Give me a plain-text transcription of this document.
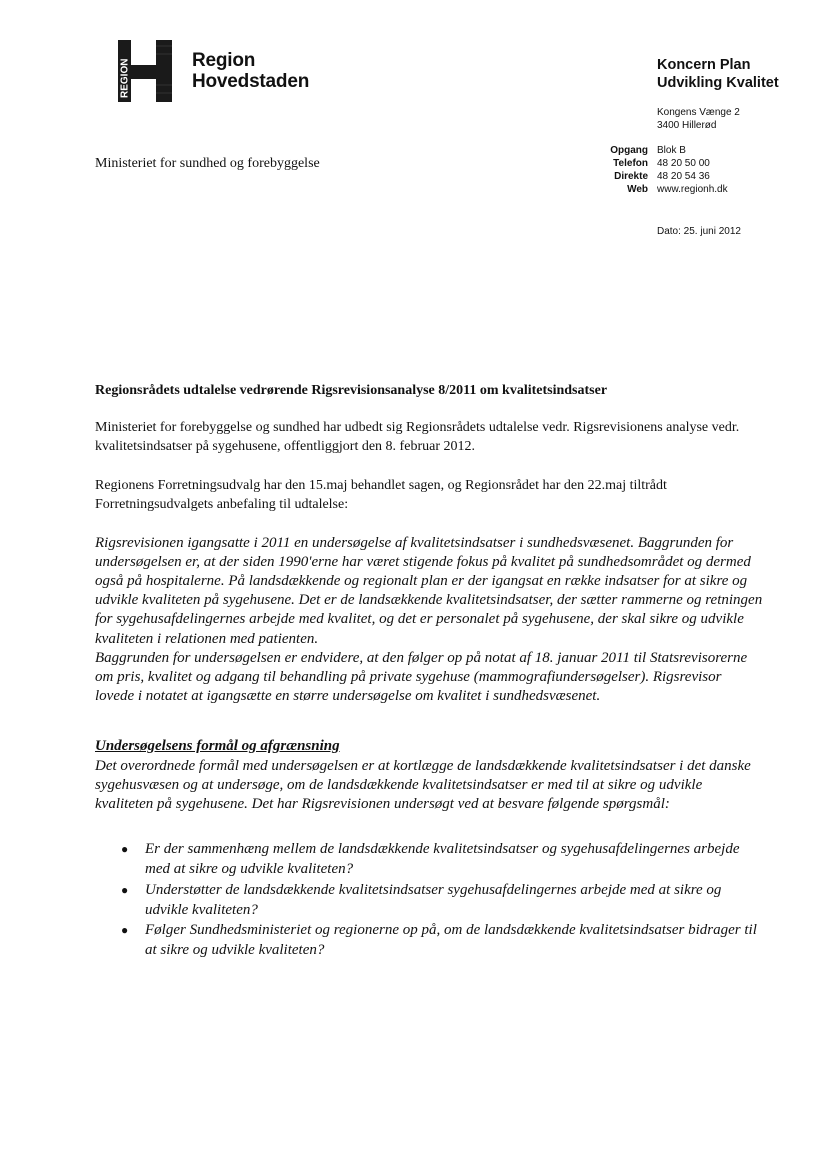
REGION	Region
Hovedstaden
Koncern Plan
Udvikling Kvalitet
Kongens Vænge 2
3400 Hillerød
Opgang Blok B
Telefon 48 20 50 00
Direkte 48 20 54 36
Web www.regionh.dk
Dato: 25. juni 2012
Ministeriet for sundhed og forebyggelse

Regionsrådets udtalelse vedrørende Rigsrevisionsanalyse 8/2011 om kvalitetsindsatser

Ministeriet for forebyggelse og sundhed har udbedt sig Regionsrådets udtalelse vedr. Rigsrevisionens analyse vedr. kvalitetsindsatser på sygehusene, offentliggjort den 8. februar 2012.

Regionens Forretningsudvalg har den 15.maj behandlet sagen, og Regionsrådet har den 22.maj tiltrådt Forretningsudvalgets anbefaling til udtalelse:

Rigsrevisionen igangsatte i 2011 en undersøgelse af kvalitetsindsatser i sundhedsvæsenet. Baggrunden for undersøgelsen er, at der siden 1990'erne har været stigende fokus på kvalitet på sundhedsområdet og dermed også på hospitalerne. På landsdækkende og regionalt plan er der igangsat en række indsatser for at sikre og udvikle kvaliteten på sygehusene. Det er de landsækkende kvalitetsindsatser, der sætter rammerne og retningen for sygehusafdelingernes arbejde med kvalitet, og det er personalet på sygehusene, der skal sikre og udvikle kvaliteten i relationen med patienten.
Baggrunden for undersøgelsen er endvidere, at den følger op på notat af 18. januar 2011 til Statsrevisorerne om pris, kvalitet og adgang til behandling på private sygehuse (mammografiundersøgelser). Rigsrevisor lovede i notatet at igangsætte en større undersøgelse om kvalitet i sundhedsvæsenet.
Undersøgelsens formål og afgrænsning
Det overordnede formål med undersøgelsen er at kortlægge de landsdækkende kvalitetsindsatser i det danske sygehusvæsen og at undersøge, om de landsdækkende kvalitetsindsatser er med til at sikre og udvikle kvaliteten på sygehusene. Det har Rigsrevisionen undersøgt ved at besvare følgende spørgsmål:
● Er der sammenhæng mellem de landsdækkende kvalitetsindsatser og sygehusafdelingernes arbejde med at sikre og udvikle kvaliteten?
● Understøtter de landsdækkende kvalitetsindsatser sygehusafdelingernes arbejde med at sikre og udvikle kvaliteten?
● Følger Sundhedsministeriet og regionerne op på, om de landsdækkende kvalitetsindsatser bidrager til at sikre og udvikle kvaliteten?
